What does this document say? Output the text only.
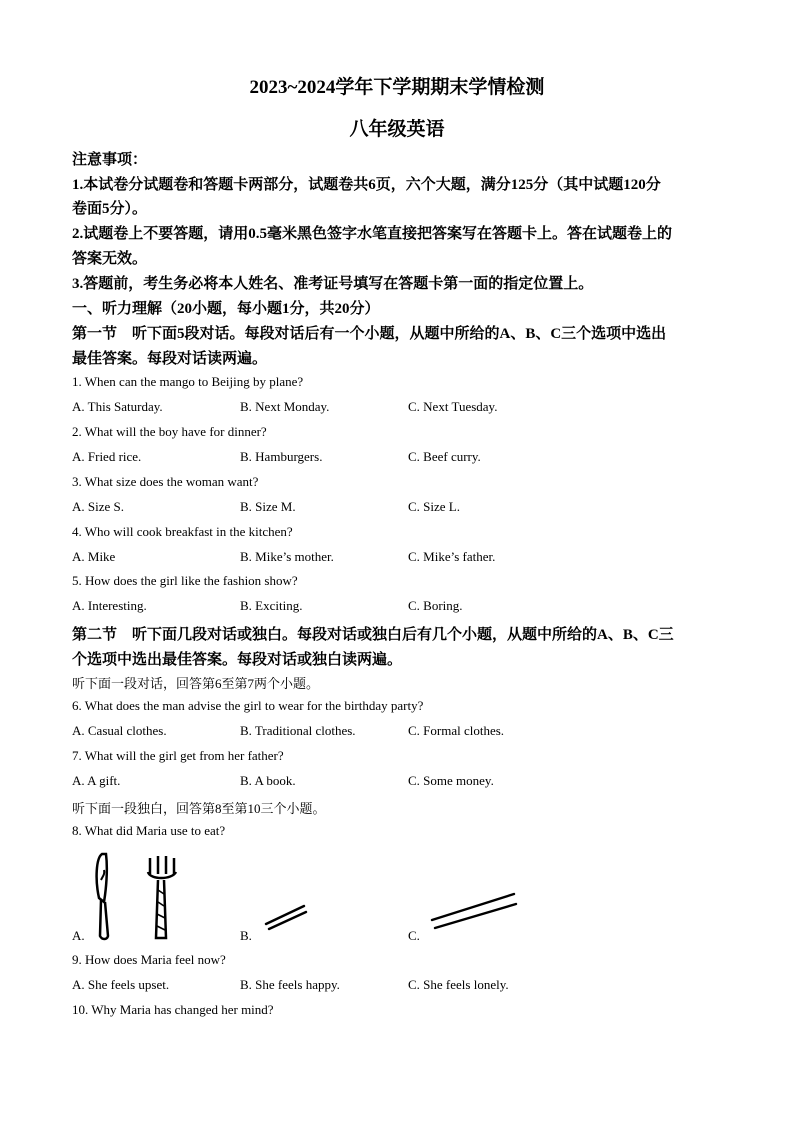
2023~2024学年下学期期末学情检测
八年级英语
注意事项：
1.本试卷分试题卷和答题卡两部分，试题卷共6页，六个大题，满分125分（其中试题120分
卷面5分）。
2.试题卷上不要答题，请用0.5毫米黑色签字水笔直接把答案写在答题卡上。答在试题卷上的
答案无效。
3.答题前，考生务必将本人姓名、准考证号填写在答题卡第一面的指定位置上。
一、听力理解（20小题，每小题1分，共20分）
第一节　听下面5段对话。每段对话后有一个小题，从题中所给的A、B、C三个选项中选出
最佳答案。每段对话读两遍。
1. When can the mango to Beijing by plane?
A. This Saturday.	B. Next Monday.	C. Next Tuesday.
2. What will the boy have for dinner?
A. Fried rice.	B. Hamburgers.	C. Beef curry.
3. What size does the woman want?
A. Size S.	B. Size M.	C. Size L.
4. Who will cook breakfast in the kitchen?
A. Mike	B. Mike’s mother.	C. Mike’s father.
5. How does the girl like the fashion show?
A. Interesting.	B. Exciting.	C. Boring.
第二节　听下面几段对话或独白。每段对话或独白后有几个小题，从题中所给的A、B、C三
个选项中选出最佳答案。每段对话或独白读两遍。
听下面一段对话，回答第6至第7两个小题。
6. What does the man advise the girl to wear for the birthday party?
A. Casual clothes.	B. Traditional clothes.	C. Formal clothes.
7. What will the girl get from her father?
A. A gift.	B. A book.	C. Some money.
听下面一段独白，回答第8至第10三个小题。
8. What did Maria use to eat?
A.	B.	C.
9. How does Maria feel now?
A. She feels upset.	B. She feels happy.	C. She feels lonely.
10. Why Maria has changed her mind?
